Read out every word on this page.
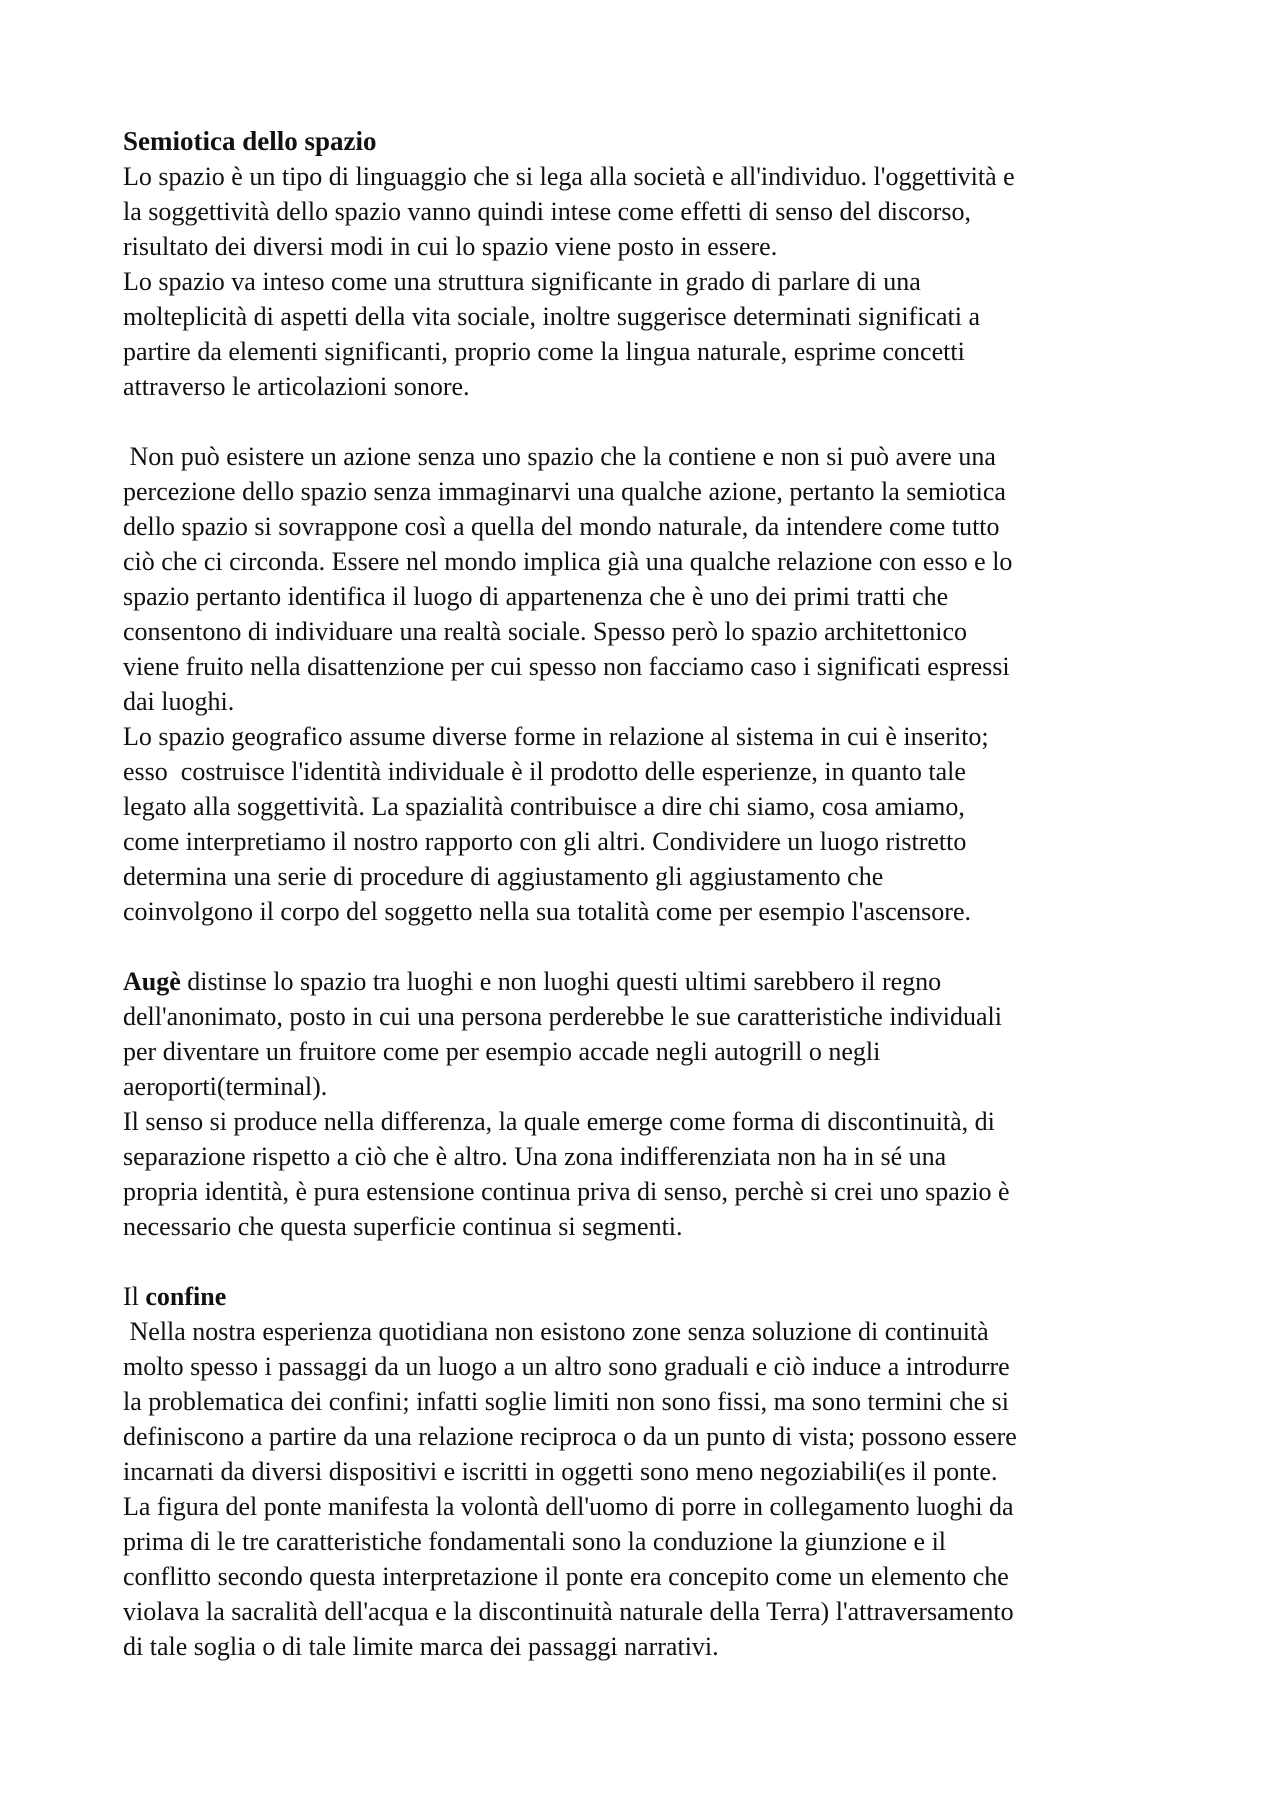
Semiotica dello spazio
Lo spazio è un tipo di linguaggio che si lega alla società e all'individuo. l'oggettività e
la soggettività dello spazio vanno quindi intese come effetti di senso del discorso,
risultato dei diversi modi in cui lo spazio viene posto in essere.
Lo spazio va inteso come una struttura significante in grado di parlare di una
molteplicità di aspetti della vita sociale, inoltre suggerisce determinati significati a
partire da elementi significanti, proprio come la lingua naturale, esprime concetti
attraverso le articolazioni sonore.
Non può esistere un azione senza uno spazio che la contiene e non si può avere una
percezione dello spazio senza immaginarvi una qualche azione, pertanto la semiotica
dello spazio si sovrappone così a quella del mondo naturale, da intendere come tutto
ciò che ci circonda. Essere nel mondo implica già una qualche relazione con esso e lo
spazio pertanto identifica il luogo di appartenenza che è uno dei primi tratti che
consentono di individuare una realtà sociale. Spesso però lo spazio architettonico
viene fruito nella disattenzione per cui spesso non facciamo caso i significati espressi
dai luoghi.
Lo spazio geografico assume diverse forme in relazione al sistema in cui è inserito;
esso  costruisce l'identità individuale è il prodotto delle esperienze, in quanto tale
legato alla soggettività. La spazialità contribuisce a dire chi siamo, cosa amiamo,
come interpretiamo il nostro rapporto con gli altri. Condividere un luogo ristretto
determina una serie di procedure di aggiustamento gli aggiustamento che
coinvolgono il corpo del soggetto nella sua totalità come per esempio l'ascensore.
Augè distinse lo spazio tra luoghi e non luoghi questi ultimi sarebbero il regno
dell'anonimato, posto in cui una persona perderebbe le sue caratteristiche individuali
per diventare un fruitore come per esempio accade negli autogrill o negli
aeroporti(terminal).
Il senso si produce nella differenza, la quale emerge come forma di discontinuità, di
separazione rispetto a ciò che è altro. Una zona indifferenziata non ha in sé una
propria identità, è pura estensione continua priva di senso, perchè si crei uno spazio è
necessario che questa superficie continua si segmenti.
Il confine
Nella nostra esperienza quotidiana non esistono zone senza soluzione di continuità
molto spesso i passaggi da un luogo a un altro sono graduali e ciò induce a introdurre
la problematica dei confini; infatti soglie limiti non sono fissi, ma sono termini che si
definiscono a partire da una relazione reciproca o da un punto di vista; possono essere
incarnati da diversi dispositivi e iscritti in oggetti sono meno negoziabili(es il ponte.
La figura del ponte manifesta la volontà dell'uomo di porre in collegamento luoghi da
prima di le tre caratteristiche fondamentali sono la conduzione la giunzione e il
conflitto secondo questa interpretazione il ponte era concepito come un elemento che
violava la sacralità dell'acqua e la discontinuità naturale della Terra) l'attraversamento
di tale soglia o di tale limite marca dei passaggi narrativi.
